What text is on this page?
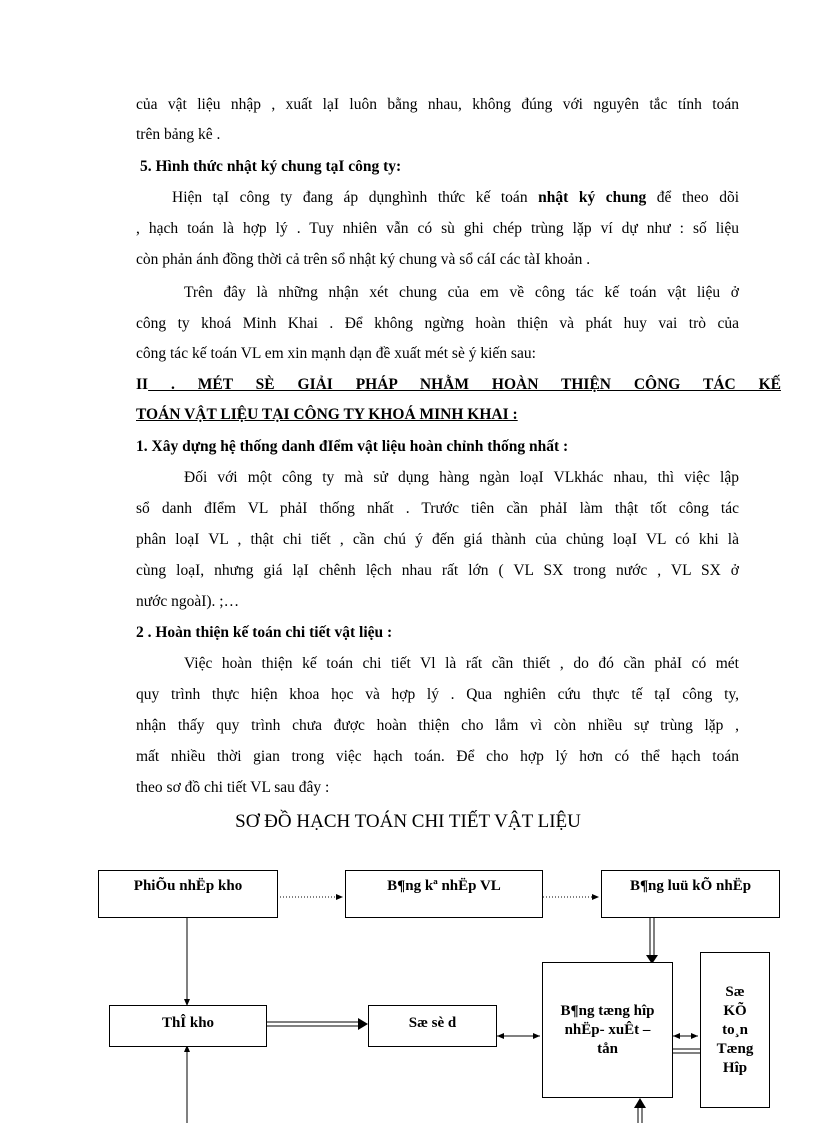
của vật liệu nhập , xuất lạI luôn bằng nhau, không đúng với nguyên tắc tính toán
trên bảng kê .
5. Hình thức nhật ký chung tạI công ty:
Hiện tạI công ty đang áp dụnghình thức kế toán nhật ký chung để theo dõi
, hạch toán là hợp lý . Tuy nhiên vẫn có sù ghi chép trùng lặp ví dự như : số liệu
còn phản ánh đồng thời cả trên sổ nhật ký chung và sổ cáI các tàI khoản .
Trên đây là những nhận xét chung của em về công tác kế toán vật liệu ở
công ty khoá Minh Khai . Để không ngừng hoàn thiện và phát huy vai trò của
công tác kế toán VL em xin mạnh dạn đề xuất mét sè ý kiến sau:
II . MÉT SÈ GIẢI PHÁP NHẰM HOÀN THIỆN CÔNG TÁC KẾ
TOÁN VẬT LIỆU TẠI CÔNG TY KHOÁ MINH KHAI :
1. Xây dựng hệ thống danh đIểm vật liệu hoàn chỉnh thống nhất :
Đối với một công ty mà sử dụng hàng ngàn loạI VLkhác nhau, thì việc lập
sổ danh đIểm VL phảI thống nhất . Trước tiên cần phảI làm thật tốt công tác
phân loạI VL , thật chi tiết , cần chú ý đến giá thành của chủng loạI VL có khi là
cùng loạI, nhưng giá lạI chênh lệch nhau rất lớn ( VL SX trong nước , VL SX ở
nước ngoàI). ;…
2 . Hoàn thiện kế toán chi tiết vật liệu :
Việc hoàn thiện kế toán chi tiết Vl là rất cần thiết , do đó cần phảI có mét
quy trình thực hiện khoa học và hợp lý . Qua nghiên cứu thực tế tạI công ty,
nhận thấy quy trình chưa được hoàn thiện cho lắm vì còn nhiều sự trùng lặp ,
mất nhiều thời gian trong việc hạch toán. Để cho hợp lý hơn có thể hạch toán
theo sơ đồ chi tiết VL sau đây :
SƠ ĐỒ HẠCH TOÁN CHI TIẾT VẬT LIỆU
PhiÕu nhËp kho	B¶ng kª nhËp VL	B¶ng luü kÕ nhËp
ThÎ kho	Sæ sè d
B¶ng tæng hîp nhËp- xuÊt – tån
Sæ KÕ to¸n Tæng Hîp
